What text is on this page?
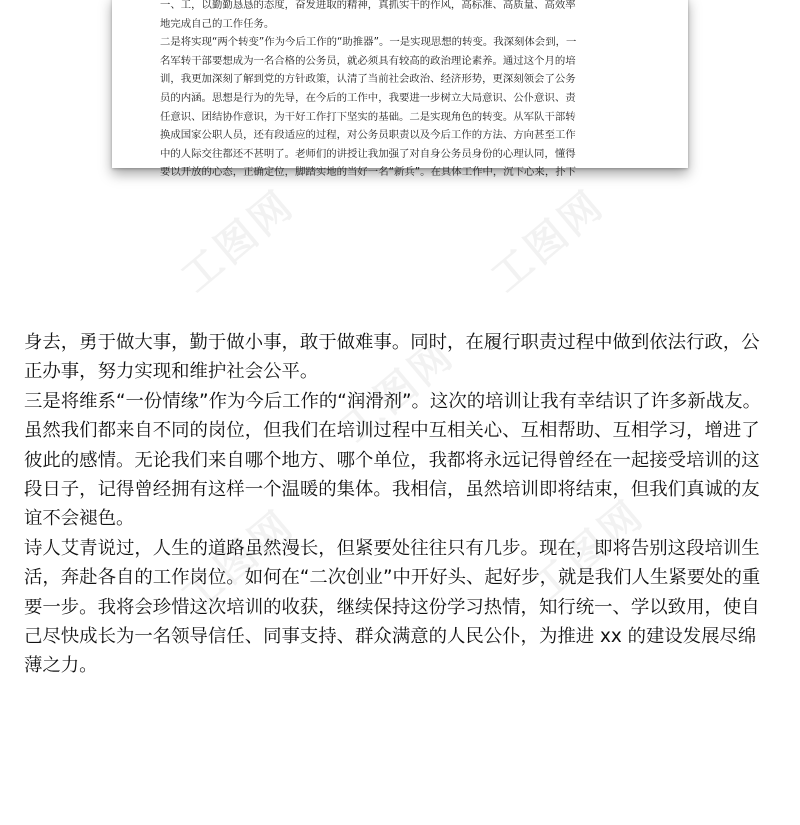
一、工，以勤勤恳恳的态度，奋发进取的精神，真抓实干的作风，高标准、高质量、高效率
地完成自己的工作任务。
二是将实现“两个转变”作为今后工作的“助推器”。一是实现思想的转变。我深刻体会到，一
名军转干部要想成为一名合格的公务员，就必须具有较高的政治理论素养。通过这个月的培
训，我更加深刻了解到党的方针政策，认清了当前社会政治、经济形势，更深刻领会了公务
员的内涵。思想是行为的先导，在今后的工作中，我要进一步树立大局意识、公仆意识、责
任意识、团结协作意识，为干好工作打下坚实的基础。二是实现角色的转变。从军队干部转
换成国家公职人员，还有段适应的过程，对公务员职责以及今后工作的方法、方向甚至工作
中的人际交往都还不甚明了。老师们的讲授让我加强了对自身公务员身份的心理认同，懂得
要以开放的心态，正确定位，脚踏实地的当好一名“新兵”。在具体工作中，沉下心来，扑下
工图网	工图网
工图网
工图网	工图网

身去，勇于做大事，勤于做小事，敢于做难事。同时，在履行职责过程中做到依法行政，公

正办事，努力实现和维护社会公平。

三是将维系“一份情缘”作为今后工作的“润滑剂”。这次的培训让我有幸结识了许多新战友。

虽然我们都来自不同的岗位，但我们在培训过程中互相关心、互相帮助、互相学习，增进了

彼此的感情。无论我们来自哪个地方、哪个单位，我都将永远记得曾经在一起接受培训的这

段日子，记得曾经拥有这样一个温暖的集体。我相信，虽然培训即将结束，但我们真诚的友

谊不会褪色。

诗人艾青说过，人生的道路虽然漫长，但紧要处往往只有几步。现在，即将告别这段培训生

活，奔赴各自的工作岗位。如何在“二次创业”中开好头、起好步，就是我们人生紧要处的重

要一步。我将会珍惜这次培训的收获，继续保持这份学习热情，知行统一、学以致用，使自

己尽快成长为一名领导信任、同事支持、群众满意的人民公仆，为推进 xx 的建设发展尽绵

薄之力。
